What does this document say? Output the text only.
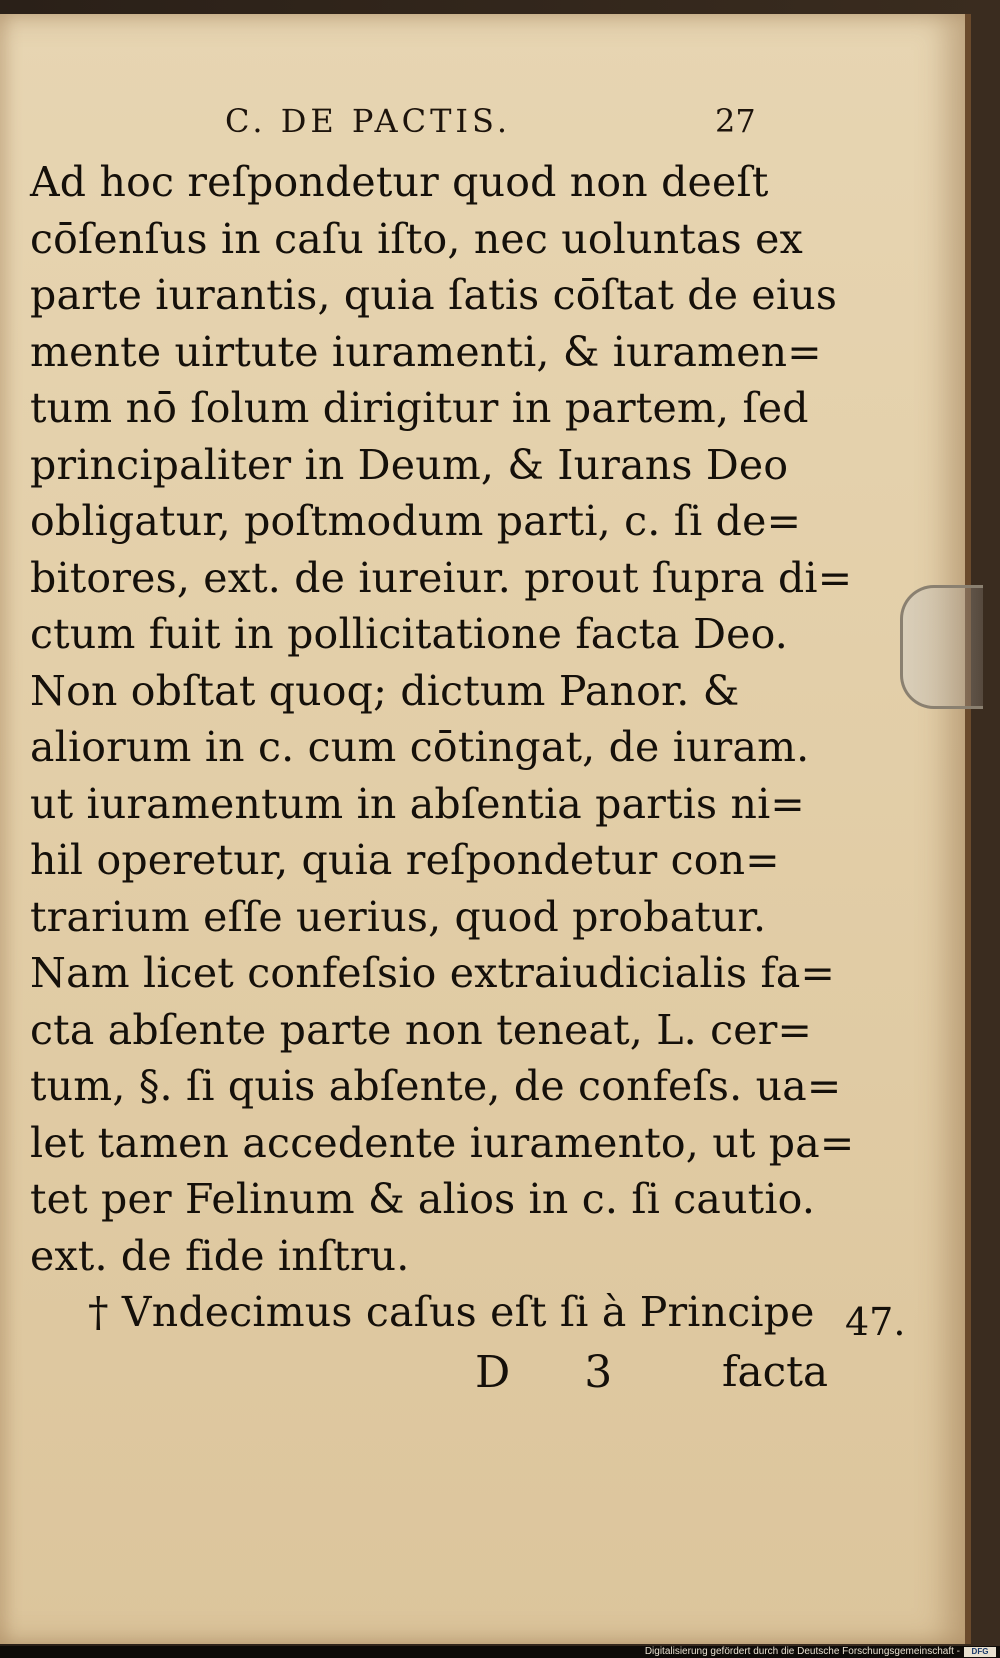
C. DE PACTIS.	27
Ad hoc reſpondetur quod non deeſt
cōſenſus in caſu iſto, nec uoluntas ex
parte iurantis, quia ſatis cōſtat de eius
mente uirtute iuramenti, & iuramen=
tum nō ſolum dirigitur in partem, ſed
principaliter in Deum, & Iurans Deo
obligatur, poſtmodum parti, c. ſi de=
bitores, ext. de iureiur. prout ſupra di=
ctum fuit in pollicitatione facta Deo.
Non obſtat quoq; dictum Panor. &
aliorum in c. cum cōtingat, de iuram.
ut iuramentum in abſentia partis ni=
hil operetur, quia reſpondetur con=
trarium eſſe uerius, quod probatur.
Nam licet confeſsio extraiudicialis fa=
cta abſente parte non teneat, L. cer=
tum, §. ſi quis abſente, de confeſs. ua=
let tamen accedente iuramento, ut pa=
tet per Felinum & alios in c. ſi cautio.
ext. de fide inſtru.
† Vndecimus caſus eſt ſi à Principe 47.
D 3 facta
Digitalisierung gefördert durch die Deutsche Forschungsgemeinschaft -	DFG
